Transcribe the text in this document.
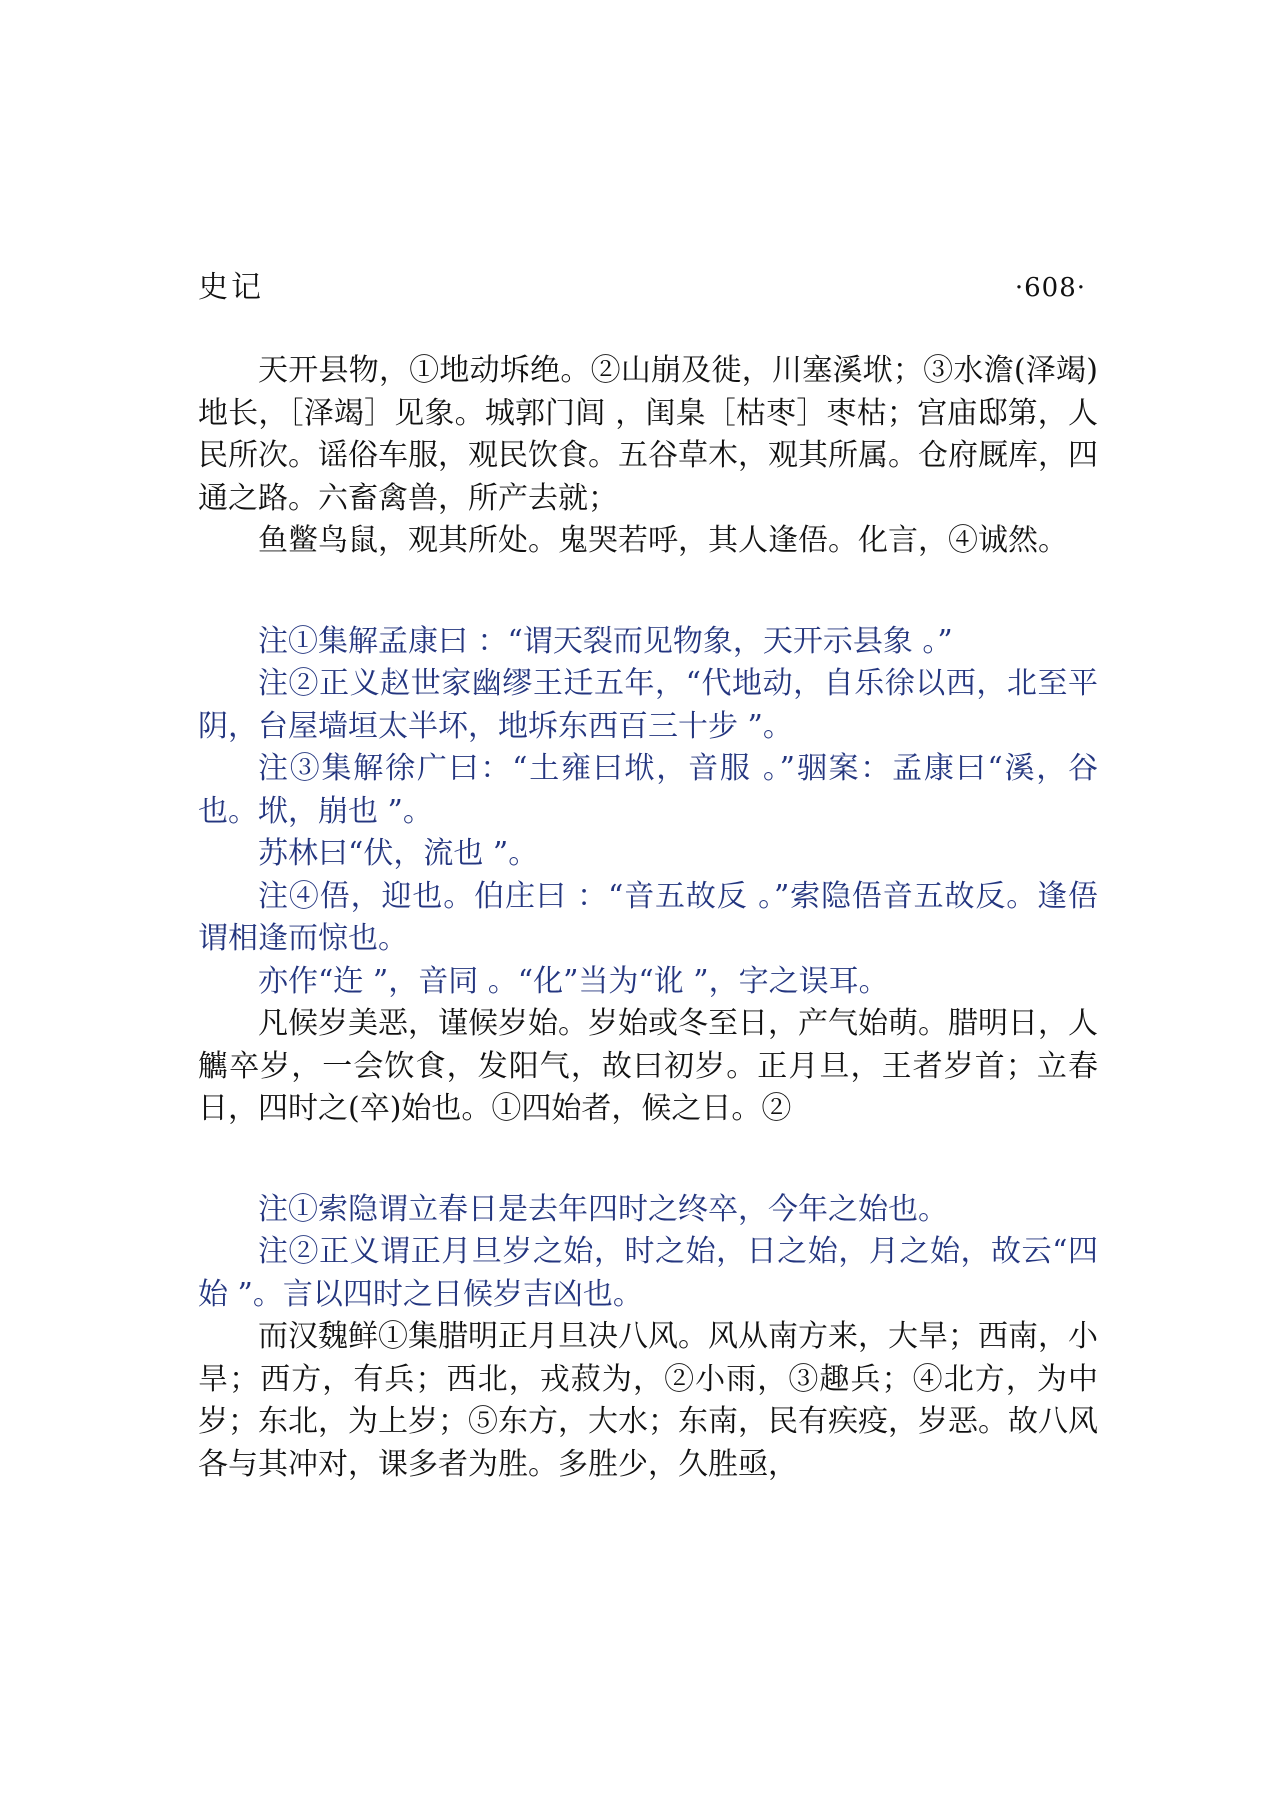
史记	·608·

天开县物，①地动坼绝。②山崩及徙，川塞溪垘；③水澹(泽竭)地长，［泽竭］见象。城郭门闾 ，闺臬［枯枣］枣枯；宫庙邸第，人民所次。谣俗车服，观民饮食。五谷草木，观其所属。仓府厩库，四通之路。六畜禽兽，所产去就；

鱼鳖鸟鼠，观其所处。鬼哭若呼，其人逢俉。化言，④诚然。

注①集解孟康曰 ：“谓天裂而见物象，天开示县象 。”

注②正义赵世家幽缪王迁五年，“代地动，自乐徐以西，北至平阴，台屋墙垣太半坏，地坼东西百三十步 ”。

注③集解徐广曰：“土雍曰垘，音服 。”骃案：孟康曰“溪，谷也。垘，崩也 ”。

苏林曰“伏，流也 ”。

注④俉，迎也。伯庄曰 ：“音五故反 。”索隐俉音五故反。逢俉谓相逢而惊也。

亦作“迕 ”，音同 。“化”当为“讹 ”，字之误耳。

凡候岁美恶，谨候岁始。岁始或冬至日，产气始萌。腊明日，人觽卒岁，一会饮食，发阳气，故曰初岁。正月旦，王者岁首；立春日，四时之(卒)始也。①四始者，候之日。②

注①索隐谓立春日是去年四时之终卒，今年之始也。

注②正义谓正月旦岁之始，时之始，日之始，月之始，故云“四始 ”。言以四时之日候岁吉凶也。

而汉魏鲜①集腊明正月旦决八风。风从南方来，大旱；西南，小旱；西方，有兵；西北，戎菽为，②小雨，③趣兵；④北方，为中岁；东北，为上岁；⑤东方，大水；东南，民有疾疫，岁恶。故八风各与其冲对，课多者为胜。多胜少，久胜亟，
